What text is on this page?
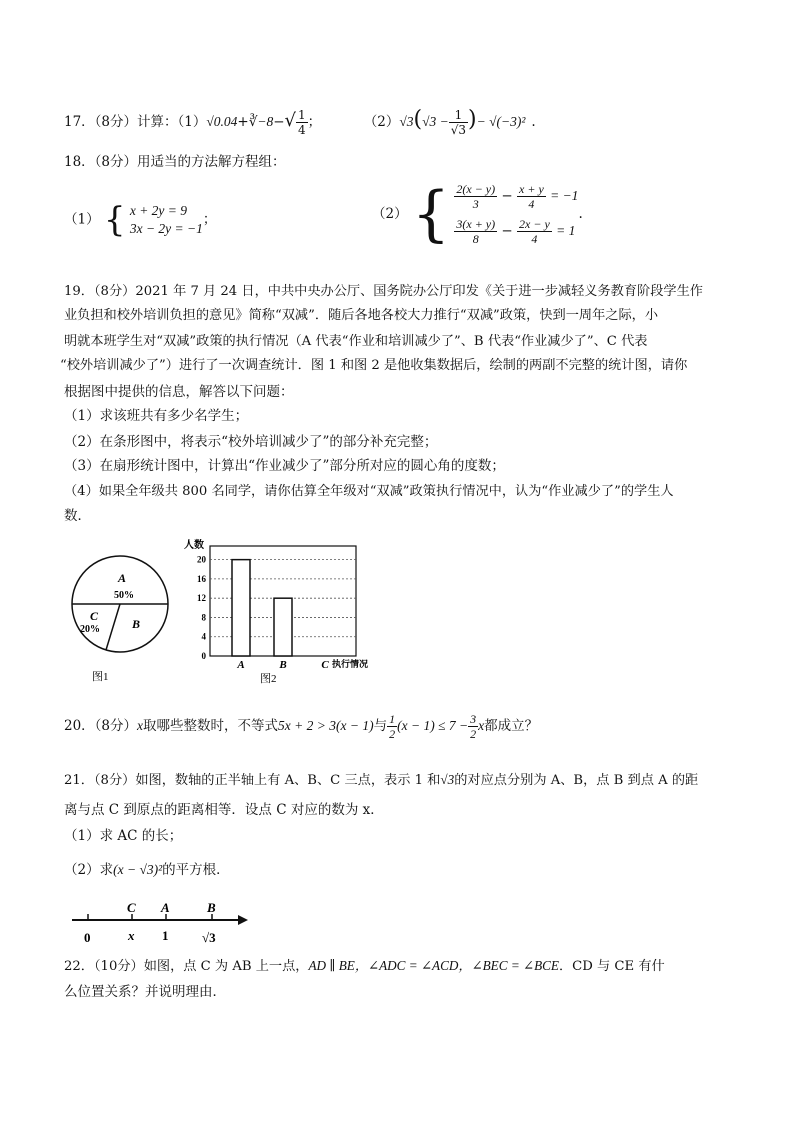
17．（8分）计算：（1）√0.04+∛−8−√ $\frac{1}{4}$ ；	$(2)√3(√3 - \frac{1}{√3}$ )− √(−3)² .
18．（8分）用适当的方法解方程组：
（1） { x + 2y = 9
3x − 2y = −1
；	（2） { $\frac{2(x - y)}{3} - \frac{x + y}{4} = -1$
$\frac{3(x + y)}{8} - \frac{2x - y}{4} = 1$
.
19．（8分）2021 年 7 月 24 日，中共中央办公厅、国务院办公厅印发《关于进一步减轻义务教育阶段学生作
业负担和校外培训负担的意见》简称“双减”．随后各地各校大力推行“双减”政策，快到一周年之际，小
明就本班学生对“双减”政策的执行情况（A 代表“作业和培训减少了”、B 代表“作业减少了”、C 代表
“校外培训减少了”）进行了一次调查统计．图 1 和图 2 是他收集数据后，绘制的两副不完整的统计图，请你
根据图中提供的信息，解答以下问题：
（1）求该班共有多少名学生；
（2）在条形图中，将表示“校外培训减少了”的部分补充完整；
（3）在扇形统计图中，计算出“作业减少了”部分所对应的圆心角的度数；
（4）如果全年级共 800 名同学，请你估算全年级对“双减”政策执行情况中，认为“作业减少了”的学生人
数．
A
50%
C
20%	B
图1
人数
0
4
8
12
16
20
A	B	C 执行情况
图2
20．（8分）x取哪些整数时，不等式5x + 2 > 3(x − 1)与 $\frac{1}{2} (x - 1) \le 7 - \frac{3}{2}$ x都成立？
21．（8分）如图，数轴的正半轴上有 A、B、C 三点，表示 1 和√3的对应点分别为 A、B，点 B 到点 A 的距
离与点 C 到原点的距离相等．设点 C 对应的数为 x．
（1）求 AC 的长；
（2）求(x − √3)²的平方根．
C A	B
0	x 1	√3
22．（10分）如图，点 C 为 AB 上一点，AD ∥ BE，∠ADC = ∠ACD，∠BEC = ∠BCE．CD 与 CE 有什
么位置关系？并说明理由．
